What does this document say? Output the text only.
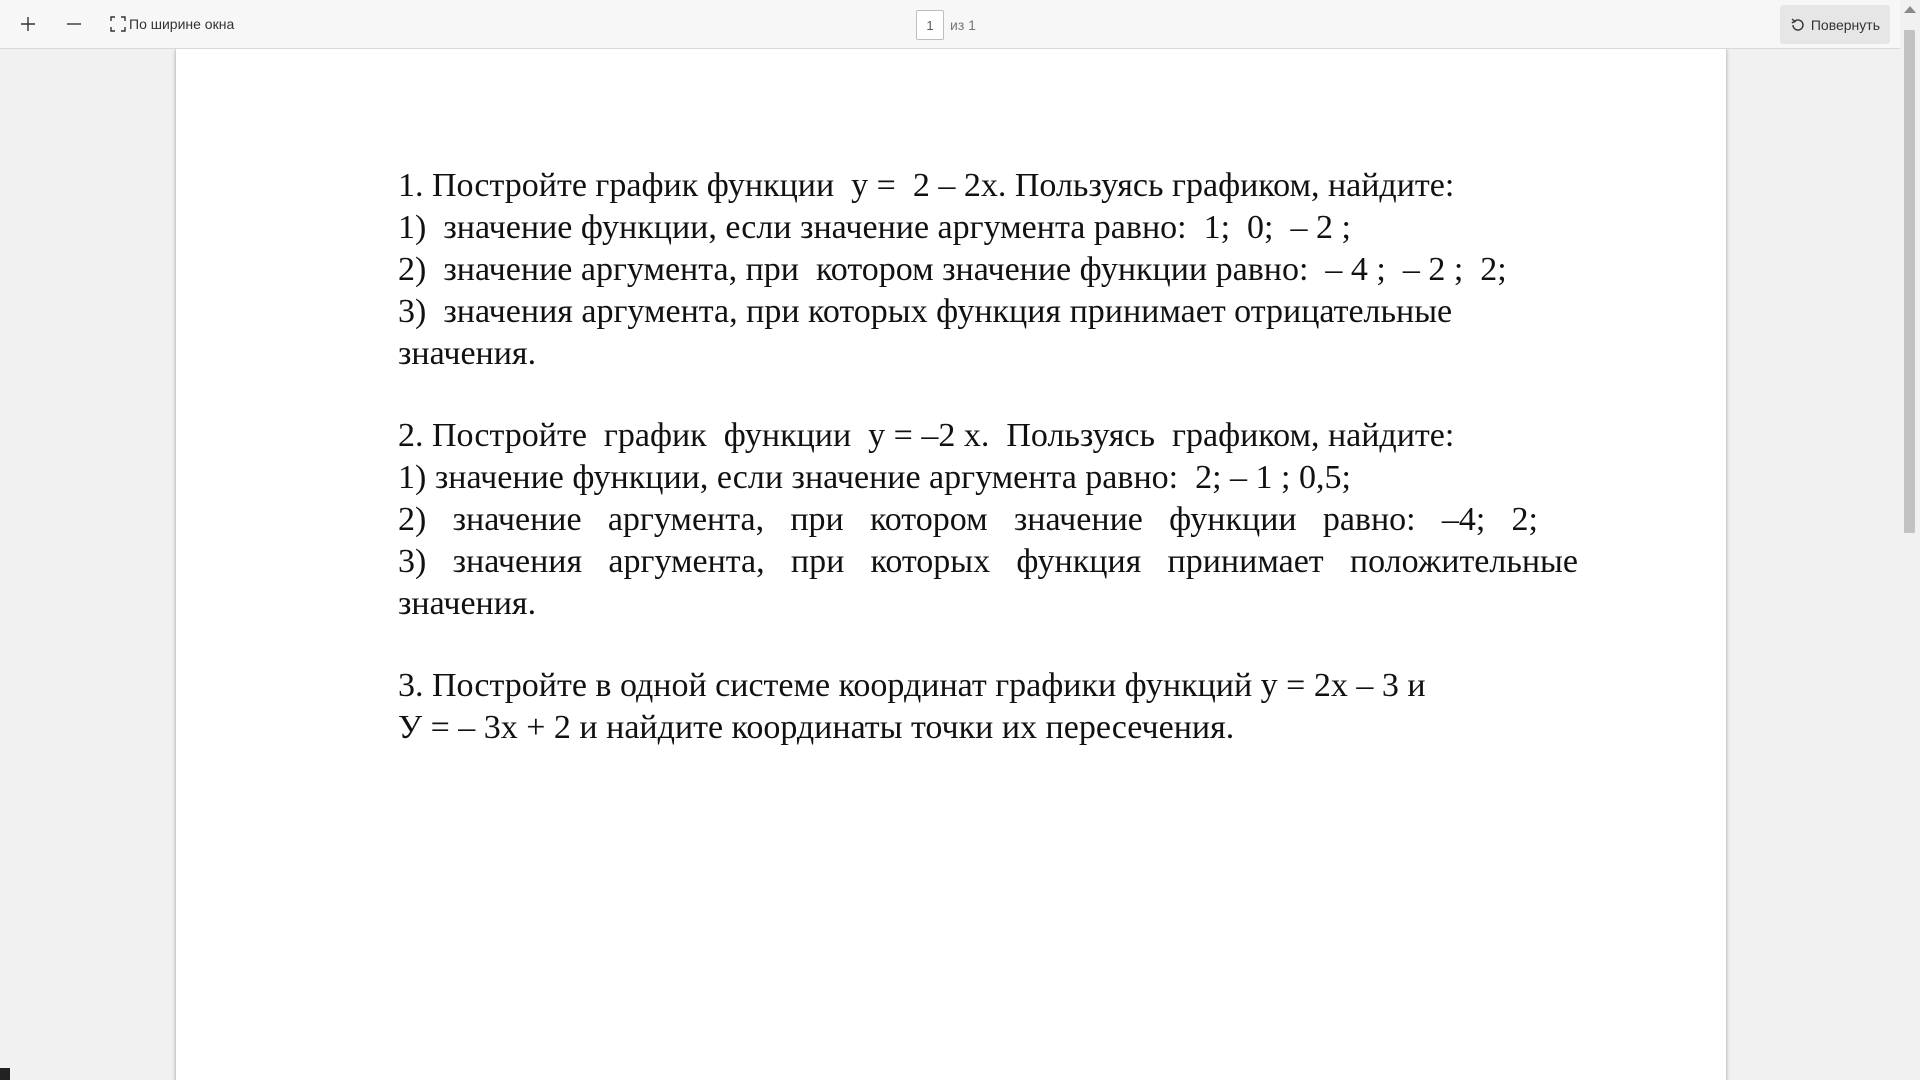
По ширине окна
1	из 1	Повернуть

1. Постройте график функции  у =  2 – 2х. Пользуясь графиком, найдите:

1)  значение функции, если значение аргумента равно:  1;  0;  – 2 ;

2)  значение аргумента, при  котором значение функции равно:  – 4 ;  – 2 ;  2;

3)  значения аргумента, при которых функция принимает отрицательные

значения.

2. Постройте  график  функции  у = –2 х.  Пользуясь  графиком, найдите:

1) значение функции, если значение аргумента равно:  2; – 1 ; 0,5;

2) значение аргумента, при котором значение функции равно: –4; 2;

3) значения аргумента, при которых функция принимает положительные

значения.

3. Постройте в одной системе координат графики функций у = 2х – 3 и

У = – 3х + 2 и найдите координаты точки их пересечения.
